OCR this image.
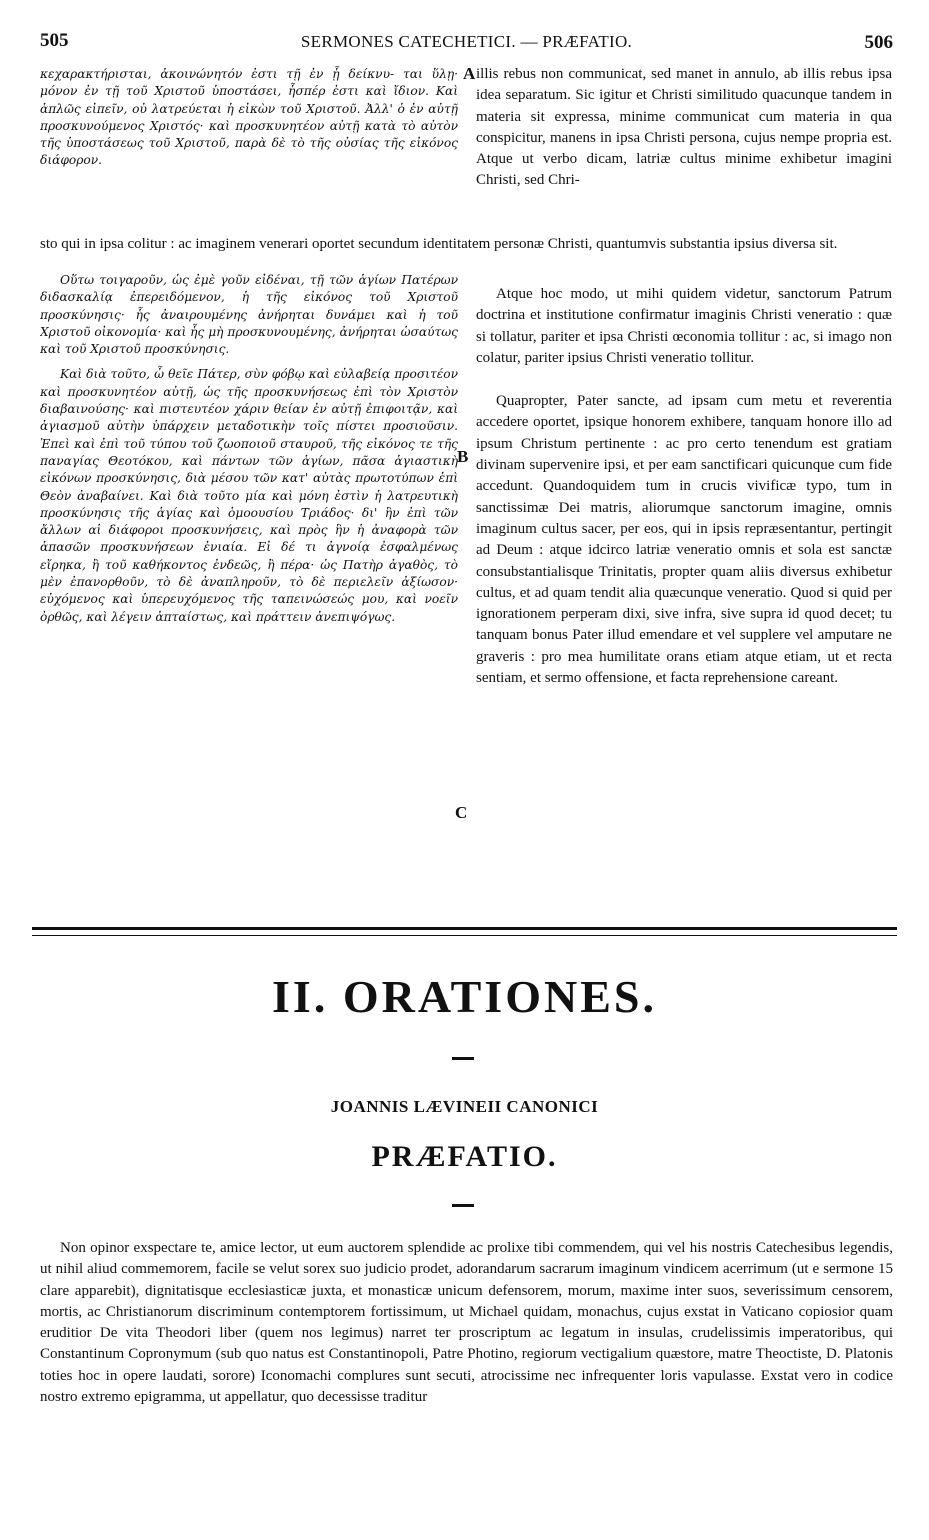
505	SERMONES CATECHETICI. — PRÆFATIO.	506

κεχαρακτήρισται, ἀκοινώνητόν ἐστι τῇ ἐν ᾗ δείκνυ- ται ὕλῃ· μόνον ἐν τῇ τοῦ Χριστοῦ ὑποστάσει, ἧσπέρ ἐστι καὶ ἴδιον. Καὶ ἁπλῶς εἰπεῖν, οὐ λατρεύεται ἡ εἰκὼν τοῦ Χριστοῦ. Ἀλλ' ὁ ἐν αὐτῇ προσκυνούμενος Χριστός· καὶ προσκυνητέον αὐτῇ κατὰ τὸ αὐτὸν τῆς ὑποστάσεως τοῦ Χριστοῦ, παρὰ δὲ τὸ τῆς οὐσίας τῆς εἰκόνος διάφορον.

illis rebus non communicat, sed manet in annulo, ab illis rebus ipsa idea separatum. Sic igitur et Christi similitudo quacunque tandem in materia sit expressa, minime communicat cum materia in qua conspicitur, manens in ipsa Christi persona, cujus nempe propria est. Atque ut verbo dicam, latriæ cultus minime exhibetur imagini Christi, sed Chri-

sto qui in ipsa colitur : ac imaginem venerari oportet secundum identitatem personæ Christi, quantumvis substantia ipsius diversa sit.

Οὕτω τοιγαροῦν, ὡς ἐμὲ γοῦν εἰδέναι, τῇ τῶν ἁγίων Πατέρων διδασκαλίᾳ ἐπερειδόμενον, ἡ τῆς εἰκόνος τοῦ Χριστοῦ προσκύνησις· ἧς ἀναιρουμένης ἀνήρηται δυνάμει καὶ ἡ τοῦ Χριστοῦ οἰκονομία· καὶ ἧς μὴ προσκυνουμένης, ἀνήρηται ὡσαύτως καὶ τοῦ Χριστοῦ προσκύνησις.

Καὶ διὰ τοῦτο, ὦ θεῖε Πάτερ, σὺν φόβῳ καὶ εὐλαβείᾳ προσιτέον καὶ προσκυνητέον αὐτῇ, ὡς τῆς προσκυνήσεως ἐπὶ τὸν Χριστὸν διαβαινούσης· καὶ πιστευτέον χάριν θείαν ἐν αὐτῇ ἐπιφοιτᾷν, καὶ ἁγιασμοῦ αὐτὴν ὑπάρχειν μεταδοτικὴν τοῖς πίστει προσιοῦσιν. Ἐπεὶ καὶ ἐπὶ τοῦ τύπου τοῦ ζωοποιοῦ σταυροῦ, τῆς εἰκόνος τε τῆς παναγίας Θεοτόκου, καὶ πάντων τῶν ἁγίων, πᾶσα ἁγιαστικὴ εἰκόνων προσκύνησις, διὰ μέσου τῶν κατ' αὐτὰς πρωτοτύπων ἐπὶ Θεὸν ἀναβαίνει. Καὶ διὰ τοῦτο μία καὶ μόνη ἐστὶν ἡ λατρευτικὴ προσκύνησις τῆς ἁγίας καὶ ὁμοουσίου Τριάδος· δι' ἣν ἐπὶ τῶν ἄλλων αἱ διάφοροι προσκυνήσεις, καὶ πρὸς ἣν ἡ ἀναφορὰ τῶν ἁπασῶν προσκυνήσεων ἐνιαία. Εἰ δέ τι ἀγνοίᾳ ἐσφαλμένως εἴρηκα, ἢ τοῦ καθήκοντος ἐνδεῶς, ἢ πέρα· ὡς Πατὴρ ἀγαθὸς, τὸ μὲν ἐπανορθοῦν, τὸ δὲ ἀναπληροῦν, τὸ δὲ περιελεῖν ἀξίωσον· εὐχόμενος καὶ ὑπερευχόμενος τῆς ταπεινώσεώς μου, καὶ νοεῖν ὀρθῶς, καὶ λέγειν ἀπταίστως, καὶ πράττειν ἀνεπιψόγως.

Atque hoc modo, ut mihi quidem videtur, sanctorum Patrum doctrina et institutione confirmatur imaginis Christi veneratio : quæ si tollatur, pariter et ipsa Christi œconomia tollitur : ac, si imago non colatur, pariter ipsius Christi veneratio tollitur.

Quapropter, Pater sancte, ad ipsam cum metu et reverentia accedere oportet, ipsique honorem exhibere, tanquam honore illo ad ipsum Christum pertinente : ac pro certo tenendum est gratiam divinam supervenire ipsi, et per eam sanctificari quicunque cum fide accedunt. Quandoquidem tum in crucis vivificæ typo, tum in sanctissimæ Dei matris, aliorumque sanctorum imagine, omnis imaginum cultus sacer, per eos, qui in ipsis repræsentantur, pertingit ad Deum : atque idcirco latriæ veneratio omnis et sola est sanctæ consubstantialisque Trinitatis, propter quam aliis diversus exhibetur cultus, et ad quam tendit alia quæcunque veneratio. Quod si quid per ignorationem perperam dixi, sive infra, sive supra id quod decet; tu tanquam bonus Pater illud emendare et vel supplere vel amputare ne graveris : pro mea humilitate orans etiam atque etiam, ut et recta sentiam, et sermo offensione, et facta reprehensione careant.

A
B
C
II. ORATIONES.
JOANNIS LÆVINEII CANONICI
PRÆFATIO.
Non opinor exspectare te, amice lector, ut eum auctorem splendide ac prolixe tibi commendem, qui vel his nostris Catechesibus legendis, ut nihil aliud commemorem, facile se velut sorex suo judicio prodet, adorandarum sacrarum imaginum vindicem acerrimum (ut e sermone 15 clare apparebit), dignitatisque ecclesiasticæ juxta, et monasticæ unicum defensorem, morum, maxime inter suos, severissimum censorem, mortis, ac Christianorum discriminum contemptorem fortissimum, ut Michael quidam, monachus, cujus exstat in Vaticano copiosior quam eruditior De vita Theodori liber (quem nos legimus) narret ter proscriptum ac legatum in insulas, crudelissimis imperatoribus, qui Constantinum Copronymum (sub quo natus est Constantinopoli, Patre Photino, regiorum vectigalium quæstore, matre Theoctiste, D. Platonis toties hoc in opere laudati, sorore) Iconomachi complures sunt secuti, atrocissime nec infrequenter loris vapulasse. Exstat vero in codice nostro extremo epigramma, ut appellatur, quo decessisse traditur
